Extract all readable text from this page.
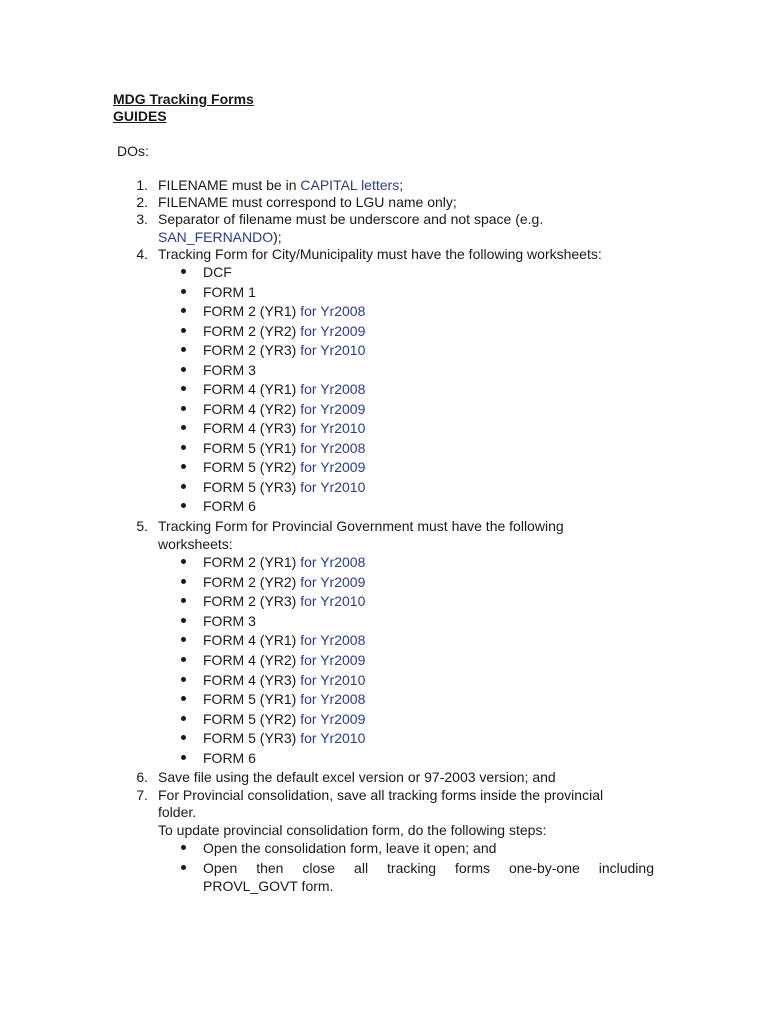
MDG Tracking Forms
GUIDES
DOs:
1. FILENAME must be in CAPITAL letters;
2. FILENAME must correspond to LGU name only;
3. Separator of filename must be underscore and not space (e.g.
SAN_FERNANDO);
4. Tracking Form for City/Municipality must have the following worksheets:
DCF
FORM 1
FORM 2 (YR1) for Yr2008
FORM 2 (YR2) for Yr2009
FORM 2 (YR3) for Yr2010
FORM 3
FORM 4 (YR1) for Yr2008
FORM 4 (YR2) for Yr2009
FORM 4 (YR3) for Yr2010
FORM 5 (YR1) for Yr2008
FORM 5 (YR2) for Yr2009
FORM 5 (YR3) for Yr2010
FORM 6
5. Tracking Form for Provincial Government must have the following
worksheets:
FORM 2 (YR1) for Yr2008
FORM 2 (YR2) for Yr2009
FORM 2 (YR3) for Yr2010
FORM 3
FORM 4 (YR1) for Yr2008
FORM 4 (YR2) for Yr2009
FORM 4 (YR3) for Yr2010
FORM 5 (YR1) for Yr2008
FORM 5 (YR2) for Yr2009
FORM 5 (YR3) for Yr2010
FORM 6
6. Save file using the default excel version or 97-2003 version; and
7. For Provincial consolidation, save all tracking forms inside the provincial
folder.
To update provincial consolidation form, do the following steps:
Open the consolidation form, leave it open; and
Open then close all tracking forms one-by-one including
PROVL_GOVT form.
